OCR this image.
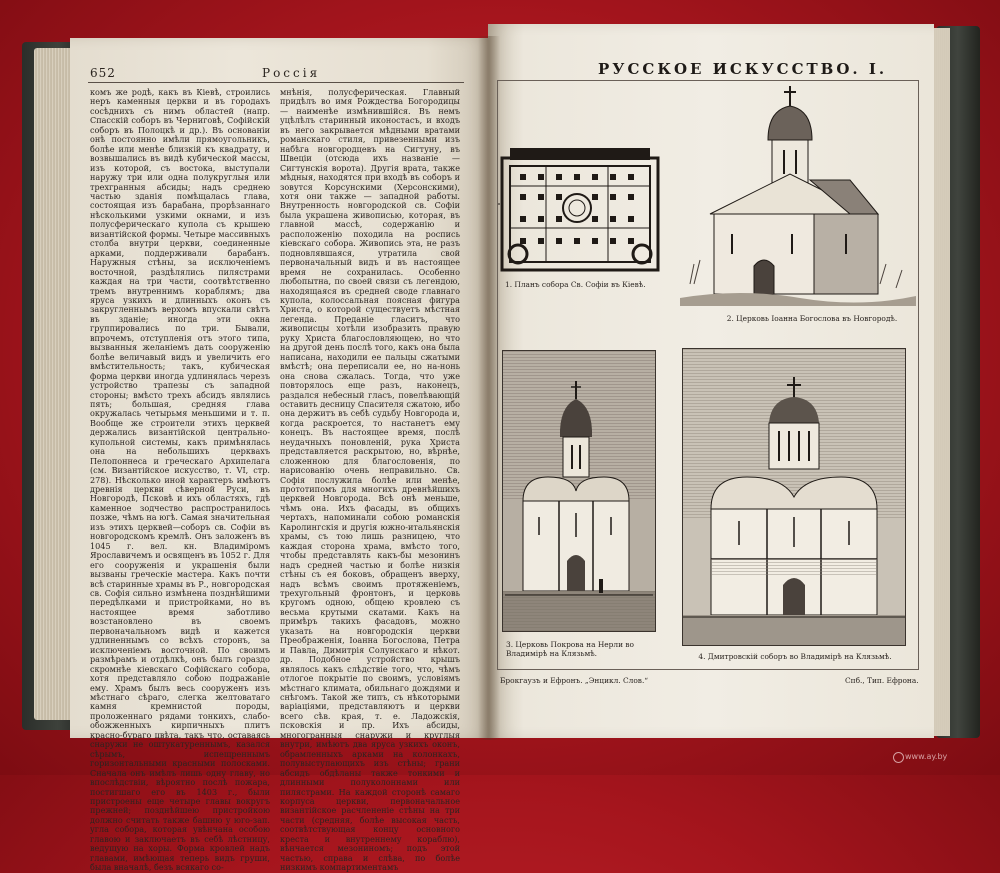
652	Россія
комъ же родѣ, какъ въ Кіевѣ, строились неръ каменныя церкви и въ городахъ сосѣднихъ съ нимъ областей (напр. Спасскій соборъ въ Черниговѣ, Софійскій соборъ въ Полоцкѣ и др.). Въ основаніи онѣ постоянно имѣли прямоугольникъ, болѣе или менѣе близкій къ квадрату, и возвышались въ видѣ кубической массы, изъ которой, съ востока, выступали наружу три или одна полукруглыя или трехгранныя абсиды; надъ среднею частью зданія помѣщалась глава, состоящая изъ барабана, прорѣзаннаго нѣсколькими узкими окнами, и изъ полусферическаго купола съ крышею византійской формы. Четыре массивныхъ столба внутри церкви, соединенные арками, поддерживали барабанъ. Наружныя стѣны, за исключеніемъ восточной, раздѣлялись пилястрами каждая на три части, соотвѣтственно тремъ внутреннимъ кораблямъ; два яруса узкихъ и длинныхъ оконъ съ закругленнымъ верхомъ впускали свѣтъ въ зданіе; иногда эти окна группировались по три. Бывали, впрочемъ, отступленія отъ этого типа, вызванныя желаніемъ дать сооруженію болѣе величавый видъ и увеличить его вмѣстительность; такъ, кубическая форма церкви иногда удлинялась черезъ устройство трапезы съ западной стороны; вмѣсто трехъ абсидъ являлись пять; большая, средняя глава окружалась четырьмя меньшими и т. п. Вообще же строители этихъ церквей держались византійской центрально-купольной системы, какъ примѣнялась она на небольшихъ церквахъ Пелопоннеса и греческаго Архипелага (см. Византійское искусство, т. VI, стр. 278). Нѣсколько иной характеръ имѣютъ древнія церкви сѣверной Руси, въ Новгородѣ, Псковѣ и ихъ областяхъ, гдѣ каменное зодчество распространилось позже, чѣмъ на югѣ. Самая значительная изъ этихъ церквей—соборъ св. Софіи въ новгородскомъ кремлѣ. Онъ заложенъ въ 1045 г. вел. кн. Владиміромъ Ярославичемъ и освященъ въ 1052 г. Для его сооруженія и украшенія были вызваны греческіе мастера. Какъ почти всѣ старинные храмы въ Р., новгородская св. Софія сильно измѣнена позднѣйшими передѣлками и пристройками, но въ настоящее время заботливо возстановлено въ своемъ первоначальномъ видѣ и кажется удлиненнымъ со всѣхъ сторонъ, за исключеніемъ восточной. По своимъ размѣрамъ и отдѣлкѣ, онъ былъ гораздо скромнѣе кіевскаго Софійскаго собора, хотя представляло собою подражаніе ему. Храмъ былъ весь сооруженъ изъ мѣстнаго сѣраго, слегка желтоватаго камня кремнистой породы, проложеннаго рядами тонкихъ, слабо-обожженныхъ кирпичныхъ плитъ красно-бураго цвѣта, такъ что, оставаясь снаружи не оштукатуреннымъ, казался сѣрымъ, испещреннымъ горизонтальными красными полосками. Сначала онъ имѣлъ лишь одну главу, но впослѣдствіи, вѣроятно послѣ пожара, постигшаго его въ 1403 г., были пристроены еще четыре главы вокругъ прежней; позднѣйшею пристройкою должно считать также башню у юго-зап. угла собора, которая увѣнчана особою главою и заключаетъ въ себѣ лѣстницу, ведущую на хоры. Форма кровлей надъ главами, имѣющая теперь видъ груши, была вначалѣ, безъ всякаго со-
мнѣнія, полусферическая. Главный придѣлъ во имя Рождества Богородицы — наименѣе измѣнившійся. Въ немъ уцѣлѣлъ старинный иконостасъ, и входъ въ него закрывается мѣдными вратами романскаго стиля, привезенными изъ набѣга новгородцевъ на Сигтуну, въ Швеціи (отсюда ихъ названіе — Сигтунскія ворота). Другія врата, также мѣдныя, находятся при входѣ въ соборъ и зовутся Корсунскими (Херсонскими), хотя они также — западной работы. Внутренность новгородской св. Софіи была украшена живописью, которая, въ главной массѣ, содержанію и расположенію походила на роспись кіевскаго собора. Живопись эта, не разъ подновлявшаяся, утратила свой первоначальный видъ и въ настоящее время не сохранилась. Особенно любопытна, по своей связи съ легендою, находящаяся въ средней своде главнаго купола, колоссальная поясная фигура Христа, о которой существуетъ мѣстная легенда. Преданіе гласитъ, что живописцы хотѣли изобразить правую руку Христа благословляющею, но что на другой день послѣ того, какъ она была написана, находили ее пальцы сжатыми вмѣстѣ; она переписали ее, но на-нонь она снова сжалась. Тогда, что уже повторялось еще разъ, наконецъ, раздался небесный гласъ, повелѣвающій оставить десницу Спасителя сжатою, ибо она держитъ въ себѣ судьбу Новгорода и, когда раскроется, то настанетъ ему конецъ. Въ настоящее время, послѣ неудачныхъ поновленій, рука Христа представляется раскрытою, но, вѣрнѣе, сложенною для благословенія, по нарисованію очень неправильно. Св. Софія послужила болѣе или менѣе, прототипомъ для многихъ древнѣйшихъ церквей Новгорода. Всѣ онѣ меньше, чѣмъ она. Ихъ фасады, въ общихъ чертахъ, напоминали собою романскія Каролингскія и другія южно-итальянскія храмы, съ тою лишь разницею, что каждая сторона храма, вмѣсто того, чтобы представлять какъ-бы мезонинъ надъ средней частью и болѣе низкія стѣны съ ея боковъ, обращенъ вверху, надъ всѣмъ своимъ протяженіемъ, трехугольный фронтонъ, и церковь кругомъ одною, общею кровлею съ весьма крутыми скатами. Какъ на примѣръ такихъ фасадовъ, можно указать на новгородскія церкви Преображенія, Іоанна Богослова, Петра и Павла, Димитрія Солунскаго и нѣкот. др. Подобное устройство крышъ являлось какъ слѣдствіе того, что, чѣмъ отлогое покрытіе по своимъ, условіямъ мѣстнаго климата, обильнаго дождями и снѣгомъ. Такой же типъ, съ нѣкоторыми варіаціями, представляютъ и церкви всего сѣв. края, т. е. Ладожскія, псковскія и пр. Ихъ абсиды, многогранныя снаружи и круглыя внутри, имѣютъ два яруса узкихъ оконъ, обрамленныхъ арками на колонкахъ, полувыступающихъ изъ стѣны; грани абсидъ обдѣланы также тонкими и длинными полуколоннами или пилястрами. На каждой сторонѣ самаго корпуса церкви, первоначальное византійское расчлененіе стѣны на три части (средняя, болѣе высокая часть, соотвѣтствующая концу основного креста и внутреннему кораблю), вѣнчается мезониномъ; подъ этой частью, справа и слѣва, по болѣе низкимъ компартиментамъ
РУССКОЕ ИСКУССТВО. I.
1. Планъ собора Св. Софіи въ Кіевѣ.
2. Церковь Іоанна Богослова въ Новгородѣ.
3. Церковь Покрова на Нерли во Владимірѣ на Клязьмѣ.	4. Дмитровскій соборъ во Владимірѣ на Клязьмѣ.
Брокгаузъ и Ефронъ. „Энцикл. Слов.“	Спб., Тип. Ефрона.
www.ay.by
